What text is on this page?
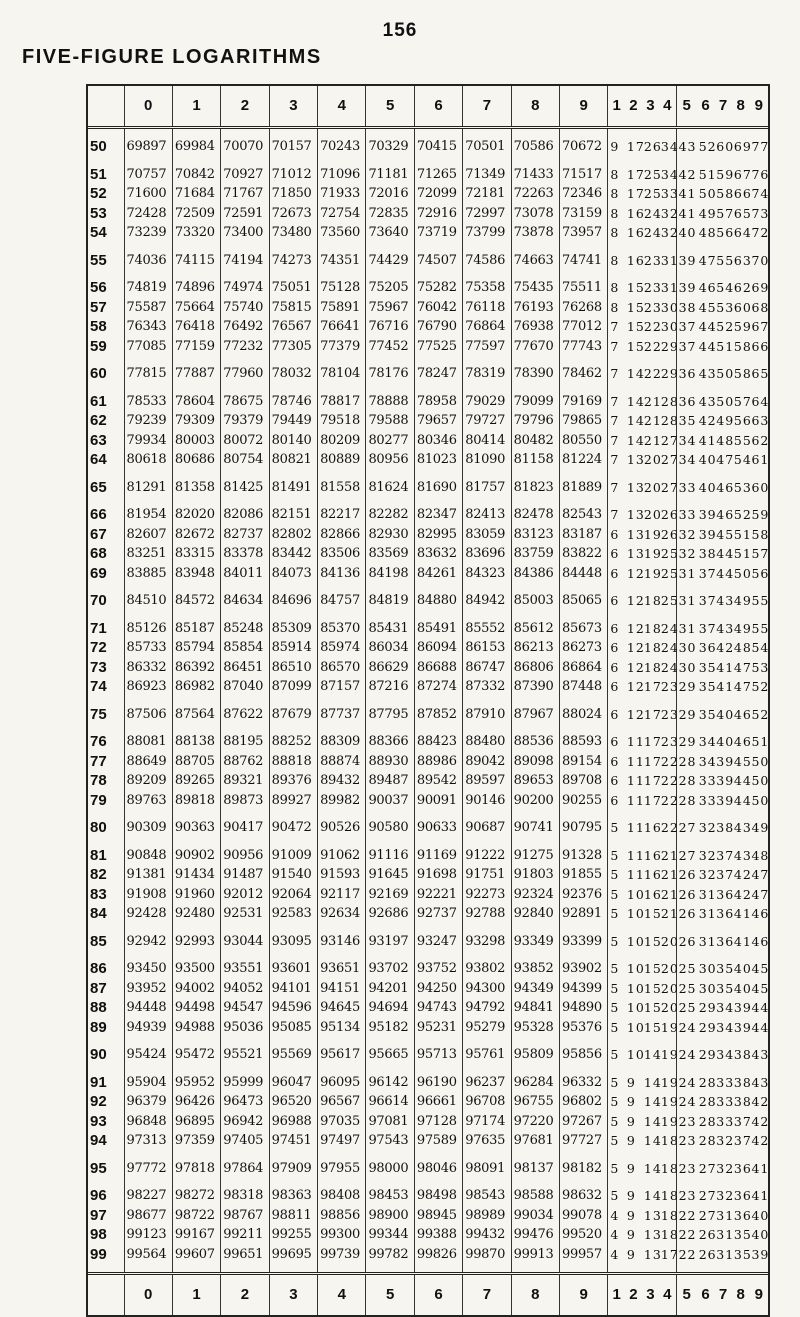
156
FIVE-FIGURE LOGARITHMS
	0	1	2	3	4	5	6	7	8	9	1	2	3	4	5	6	7	8	9

50	69897	69984	70070	70157	70243	70329	70415	70501	70586	70672	9	17	26	34	43	52	60	69	77

51	70757	70842	70927	71012	71096	71181	71265	71349	71433	71517	8	17	25	34	42	51	59	67	76
52	71600	71684	71767	71850	71933	72016	72099	72181	72263	72346	8	17	25	33	41	50	58	66	74
53	72428	72509	72591	72673	72754	72835	72916	72997	73078	73159	8	16	24	32	41	49	57	65	73
54	73239	73320	73400	73480	73560	73640	73719	73799	73878	73957	8	16	24	32	40	48	56	64	72

55	74036	74115	74194	74273	74351	74429	74507	74586	74663	74741	8	16	23	31	39	47	55	63	70

56	74819	74896	74974	75051	75128	75205	75282	75358	75435	75511	8	15	23	31	39	46	54	62	69
57	75587	75664	75740	75815	75891	75967	76042	76118	76193	76268	8	15	23	30	38	45	53	60	68
58	76343	76418	76492	76567	76641	76716	76790	76864	76938	77012	7	15	22	30	37	44	52	59	67
59	77085	77159	77232	77305	77379	77452	77525	77597	77670	77743	7	15	22	29	37	44	51	58	66

60	77815	77887	77960	78032	78104	78176	78247	78319	78390	78462	7	14	22	29	36	43	50	58	65

61	78533	78604	78675	78746	78817	78888	78958	79029	79099	79169	7	14	21	28	36	43	50	57	64
62	79239	79309	79379	79449	79518	79588	79657	79727	79796	79865	7	14	21	28	35	42	49	56	63
63	79934	80003	80072	80140	80209	80277	80346	80414	80482	80550	7	14	21	27	34	41	48	55	62
64	80618	80686	80754	80821	80889	80956	81023	81090	81158	81224	7	13	20	27	34	40	47	54	61

65	81291	81358	81425	81491	81558	81624	81690	81757	81823	81889	7	13	20	27	33	40	46	53	60

66	81954	82020	82086	82151	82217	82282	82347	82413	82478	82543	7	13	20	26	33	39	46	52	59
67	82607	82672	82737	82802	82866	82930	82995	83059	83123	83187	6	13	19	26	32	39	45	51	58
68	83251	83315	83378	83442	83506	83569	83632	83696	83759	83822	6	13	19	25	32	38	44	51	57
69	83885	83948	84011	84073	84136	84198	84261	84323	84386	84448	6	12	19	25	31	37	44	50	56

70	84510	84572	84634	84696	84757	84819	84880	84942	85003	85065	6	12	18	25	31	37	43	49	55

71	85126	85187	85248	85309	85370	85431	85491	85552	85612	85673	6	12	18	24	31	37	43	49	55
72	85733	85794	85854	85914	85974	86034	86094	86153	86213	86273	6	12	18	24	30	36	42	48	54
73	86332	86392	86451	86510	86570	86629	86688	86747	86806	86864	6	12	18	24	30	35	41	47	53
74	86923	86982	87040	87099	87157	87216	87274	87332	87390	87448	6	12	17	23	29	35	41	47	52

75	87506	87564	87622	87679	87737	87795	87852	87910	87967	88024	6	12	17	23	29	35	40	46	52

76	88081	88138	88195	88252	88309	88366	88423	88480	88536	88593	6	11	17	23	29	34	40	46	51
77	88649	88705	88762	88818	88874	88930	88986	89042	89098	89154	6	11	17	22	28	34	39	45	50
78	89209	89265	89321	89376	89432	89487	89542	89597	89653	89708	6	11	17	22	28	33	39	44	50
79	89763	89818	89873	89927	89982	90037	90091	90146	90200	90255	6	11	17	22	28	33	39	44	50

80	90309	90363	90417	90472	90526	90580	90633	90687	90741	90795	5	11	16	22	27	32	38	43	49

81	90848	90902	90956	91009	91062	91116	91169	91222	91275	91328	5	11	16	21	27	32	37	43	48
82	91381	91434	91487	91540	91593	91645	91698	91751	91803	91855	5	11	16	21	26	32	37	42	47
83	91908	91960	92012	92064	92117	92169	92221	92273	92324	92376	5	10	16	21	26	31	36	42	47
84	92428	92480	92531	92583	92634	92686	92737	92788	92840	92891	5	10	15	21	26	31	36	41	46

85	92942	92993	93044	93095	93146	93197	93247	93298	93349	93399	5	10	15	20	26	31	36	41	46

86	93450	93500	93551	93601	93651	93702	93752	93802	93852	93902	5	10	15	20	25	30	35	40	45
87	93952	94002	94052	94101	94151	94201	94250	94300	94349	94399	5	10	15	20	25	30	35	40	45
88	94448	94498	94547	94596	94645	94694	94743	94792	94841	94890	5	10	15	20	25	29	34	39	44
89	94939	94988	95036	95085	95134	95182	95231	95279	95328	95376	5	10	15	19	24	29	34	39	44

90	95424	95472	95521	95569	95617	95665	95713	95761	95809	95856	5	10	14	19	24	29	34	38	43

91	95904	95952	95999	96047	96095	96142	96190	96237	96284	96332	5	9	14	19	24	28	33	38	43
92	96379	96426	96473	96520	96567	96614	96661	96708	96755	96802	5	9	14	19	24	28	33	38	42
93	96848	96895	96942	96988	97035	97081	97128	97174	97220	97267	5	9	14	19	23	28	33	37	42
94	97313	97359	97405	97451	97497	97543	97589	97635	97681	97727	5	9	14	18	23	28	32	37	42

95	97772	97818	97864	97909	97955	98000	98046	98091	98137	98182	5	9	14	18	23	27	32	36	41

96	98227	98272	98318	98363	98408	98453	98498	98543	98588	98632	5	9	14	18	23	27	32	36	41
97	98677	98722	98767	98811	98856	98900	98945	98989	99034	99078	4	9	13	18	22	27	31	36	40
98	99123	99167	99211	99255	99300	99344	99388	99432	99476	99520	4	9	13	18	22	26	31	35	40
99	99564	99607	99651	99695	99739	99782	99826	99870	99913	99957	4	9	13	17	22	26	31	35	39

	0	1	2	3	4	5	6	7	8	9	1	2	3	4	5	6	7	8	9
